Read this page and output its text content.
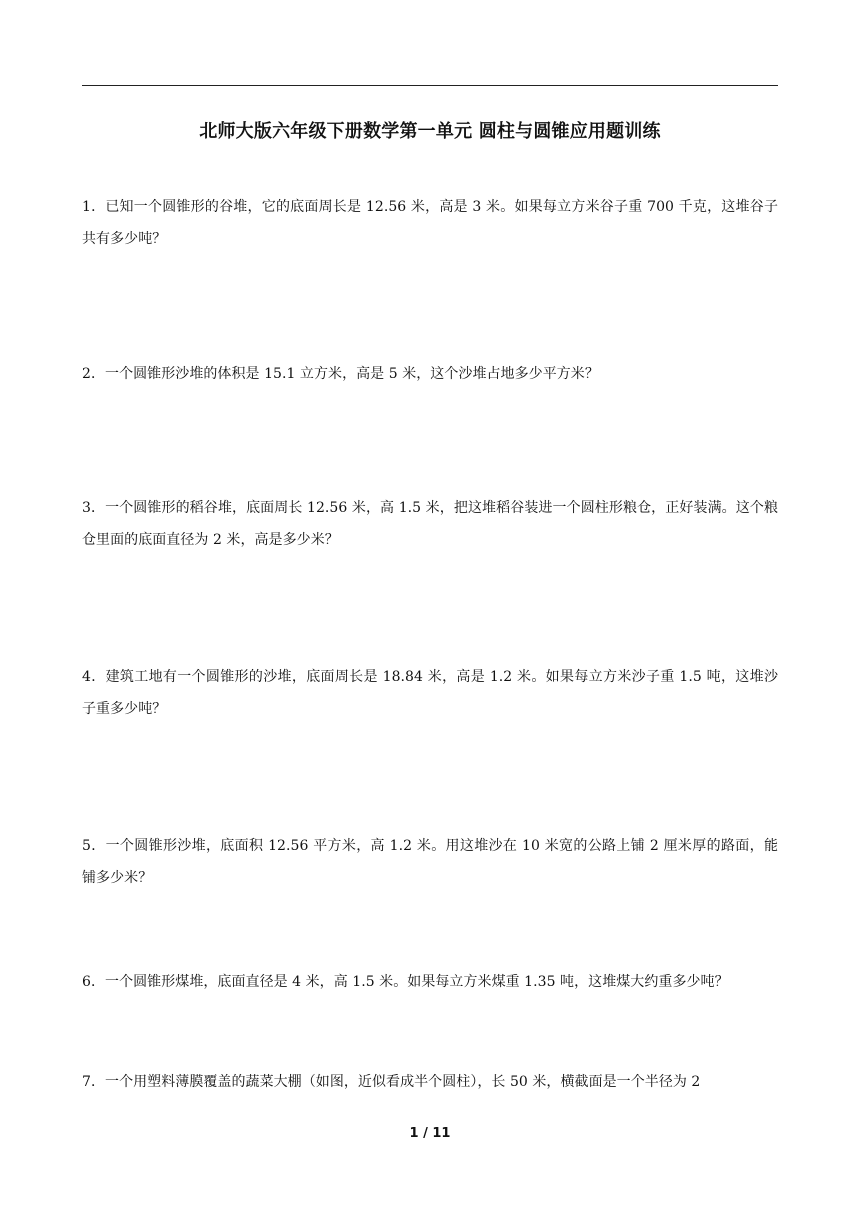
北师大版六年级下册数学第一单元 圆柱与圆锥应用题训练
1．已知一个圆锥形的谷堆，它的底面周长是 12.56 米，高是 3 米。如果每立方米谷子重 700 千克，这堆谷子共有多少吨？
2．一个圆锥形沙堆的体积是 15.1 立方米，高是 5 米，这个沙堆占地多少平方米？
3．一个圆锥形的稻谷堆，底面周长 12.56 米，高 1.5 米，把这堆稻谷装进一个圆柱形粮仓，正好装满。这个粮仓里面的底面直径为 2 米，高是多少米？
4．建筑工地有一个圆锥形的沙堆，底面周长是 18.84 米，高是 1.2 米。如果每立方米沙子重 1.5 吨，这堆沙子重多少吨？
5．一个圆锥形沙堆，底面积 12.56 平方米，高 1.2 米。用这堆沙在 10 米宽的公路上铺 2 厘米厚的路面，能铺多少米？
6．一个圆锥形煤堆，底面直径是 4 米，高 1.5 米。如果每立方米煤重 1.35 吨，这堆煤大约重多少吨？
7．一个用塑料薄膜覆盖的蔬菜大棚（如图，近似看成半个圆柱），长 50 米，横截面是一个半径为 2
1 / 11
